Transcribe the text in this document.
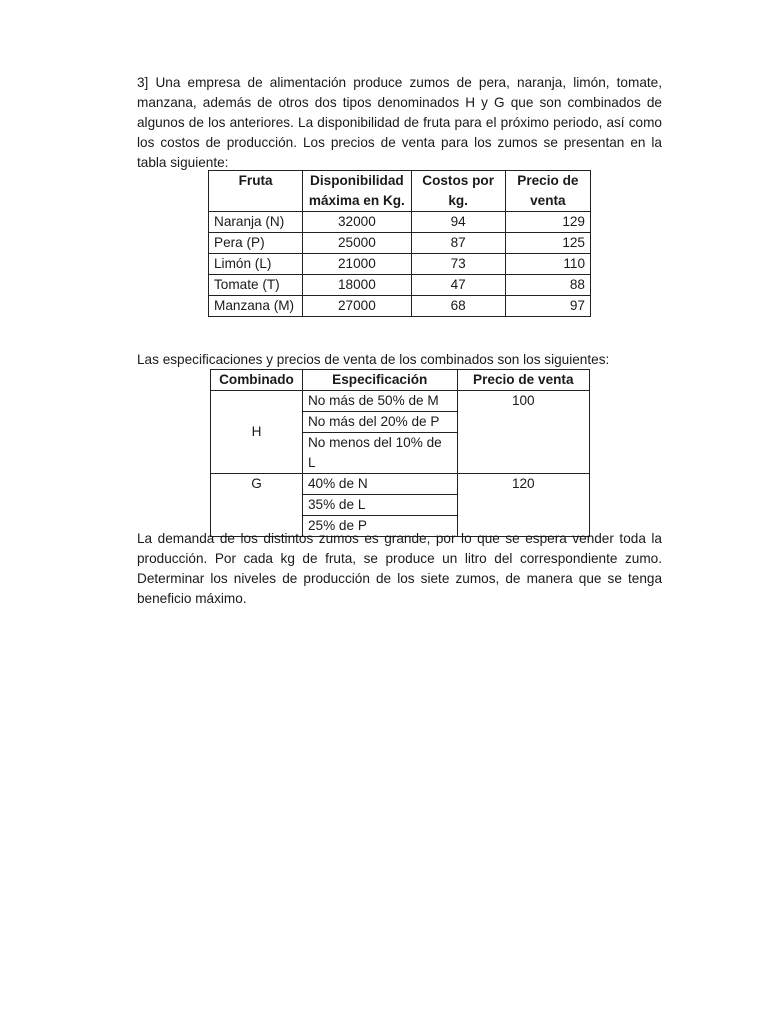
3] Una empresa de alimentación produce zumos de pera, naranja, limón, tomate, manzana, además de otros dos tipos denominados H y G que son combinados de algunos de los anteriores. La disponibilidad de fruta para el próximo periodo, así como los costos de producción. Los precios de venta para los zumos se presentan en la tabla siguiente:
Fruta	Disponibilidad máxima en Kg.	Costos por kg.	Precio de venta
Naranja (N)	32000	94	129
Pera (P)	25000	87	125
Limón (L)	21000	73	110
Tomate (T)	18000	47	88
Manzana (M)	27000	68	97
Las especificaciones y precios de venta de los combinados son los siguientes:
Combinado	Especificación	Precio de venta
H	No más de 50% de M	100
	No más del 20% de P	
	No menos del 10% de L	
G	40% de N	120
	35% de L	
	25% de P	
La demanda de los distintos zumos es grande, por lo que se espera vender toda la producción. Por cada kg de fruta, se produce un litro del correspondiente zumo. Determinar los niveles de producción de los siete zumos, de manera que se tenga beneficio máximo.
